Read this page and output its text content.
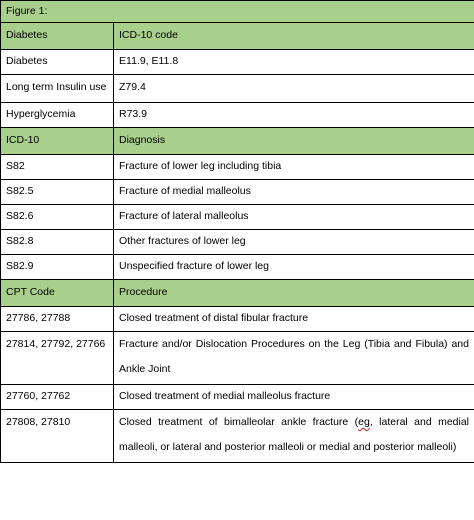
Figure 1:	
Diabetes	ICD-10 code
Diabetes	E11.9, E11.8
Long term Insulin use	Z79.4
Hyperglycemia	R73.9
ICD-10	Diagnosis
S82	Fracture of lower leg including tibia
S82.5	Fracture of medial malleolus
S82.6	Fracture of lateral malleolus
S82.8	Other fractures of lower leg
S82.9	Unspecified fracture of lower leg
CPT Code	Procedure
27786, 27788	Closed treatment of distal fibular fracture
27814, 27792, 27766	Fracture and/or Dislocation Procedures on the Leg (Tibia and Fibula) and Ankle Joint
27760, 27762	Closed treatment of medial malleolus fracture
27808, 27810	Closed treatment of bimalleolar ankle fracture (eg, lateral and medial malleoli, or lateral and posterior malleoli or medial and posterior malleoli)
